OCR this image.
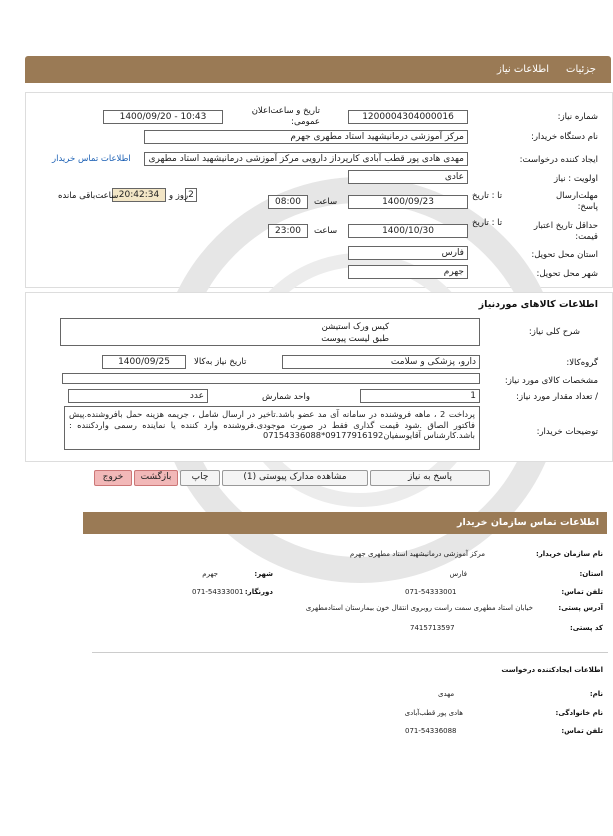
جزئیات
اطلاعات نیاز
شماره نیاز:
1200004304000016
تاریخ و ساعت‌اعلان عمومی:
1400/09/20 - 10:43
نام دستگاه خریدار:
مرکز آموزشی درمانیشهید استاد مطهری جهرم
ایجاد کننده درخواست:
مهدی هادی پور قطب آبادی کارپرداز دارویی مرکز آموزشی درمانیشهید استاد مطهری
اطلاعات تماس خریدار
اولویت : نیاز
عادی
مهلت‌ارسال پاسخ:
تا : تاریخ
1400/09/23
ساعت
08:00
2
روز و
20:42:34
ساعت‌باقی مانده
حداقل تاریخ اعتبار قیمت:
تا : تاریخ
1400/10/30
ساعت
23:00
استان محل تحویل:
فارس
شهر محل تحویل:
جهرم
اطلاعات کالاهای موردنیاز
شرح کلی نیاز:
کیس ورک استیشن
طبق لیست پیوست
گروه‌کالا:
دارو، پزشکی و سلامت
تاریخ نیاز به‌کالا
1400/09/25
مشخصات کالای مورد نیاز:
/ تعداد مقدار مورد نیاز:
1
واحد شمارش
عدد
توضیحات خریدار:
پرداخت 2 ، ماهه فروشنده در سامانه آی مد عضو باشد.تاخیر در ارسال شامل ، جریمه هزینه حمل بافروشنده.پیش فاکتور الصاق .شود قیمت گذاری فقط در صورت موجودی.فروشنده وارد کننده یا نماینده رسمی واردکننده : باشد.کارشناس آقایوسفیان09177916192*07154336088
پاسخ به نیاز
مشاهده مدارک پیوستی (1)
چاپ
بازگشت
خروج
اطلاعات تماس سازمان خریدار
نام سازمان خریدار:
مرکز آموزشی درمانیشهید استاد مطهری جهرم
استان:
فارس
شهر:
جهرم
تلفن تماس:
071-54333001
دورنگار:
071-54333001
آدرس پستی:
خیابان استاد مطهری سمت راست روبروی انتقال خون بیمارستان استادمطهری
کد پستی:
7415713597
اطلاعات ایجادکننده درخواست
نام:
مهدی
نام خانوادگی:
هادی پور قطب‌آبادی
تلفن تماس:
071-54336088
